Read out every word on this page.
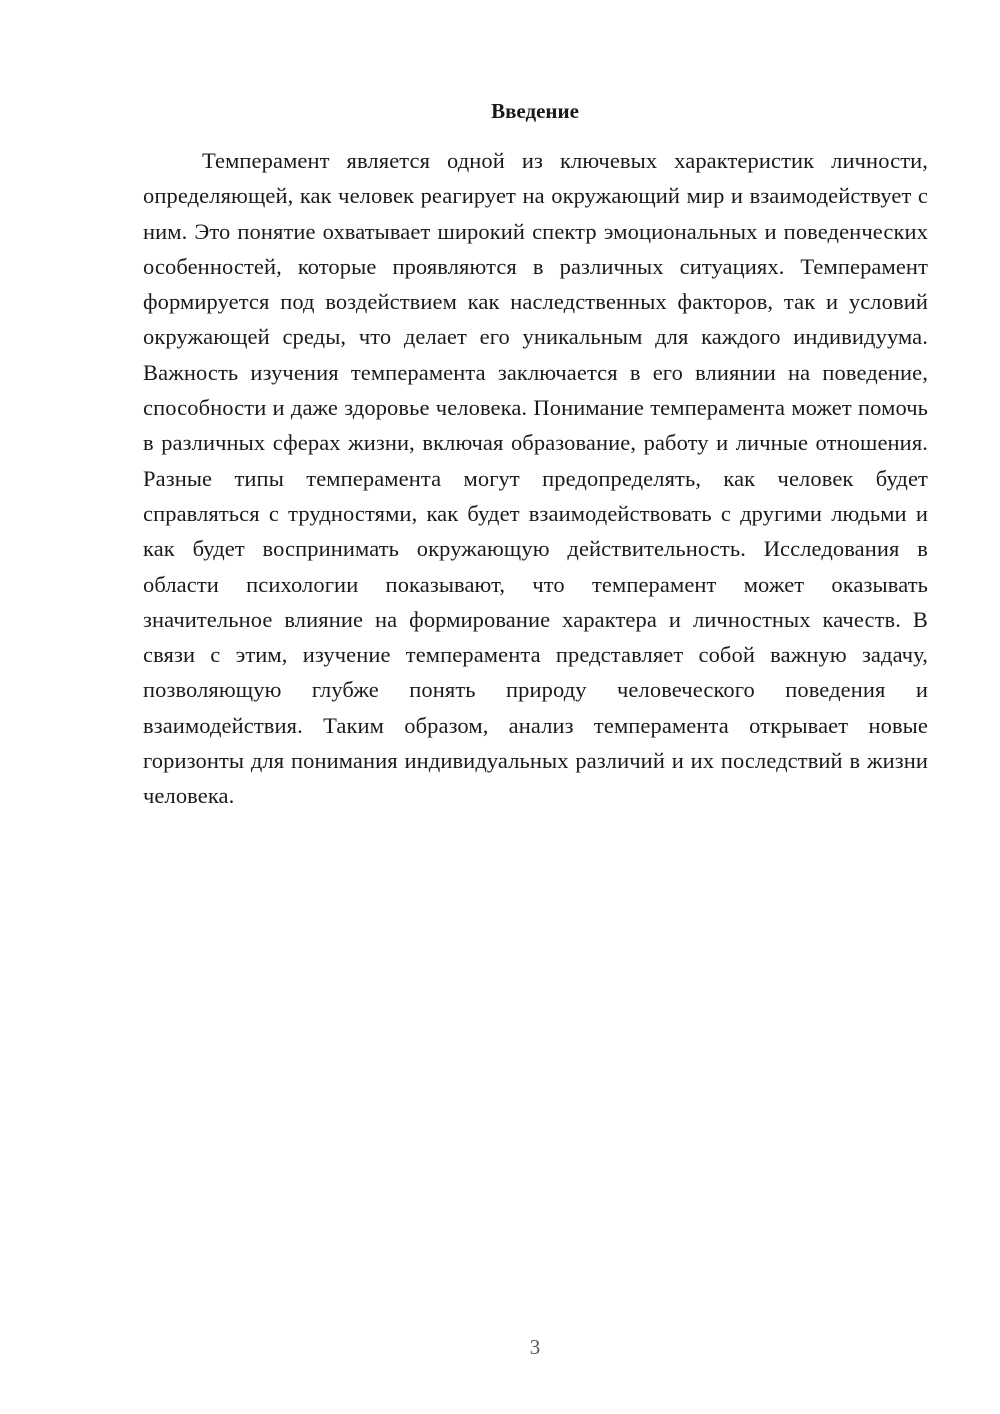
Введение

Темперамент является одной из ключевых характеристик личности, определяющей, как человек реагирует на окружающий мир и взаимодействует с ним. Это понятие охватывает широкий спектр эмоциональных и поведенческих особенностей, которые проявляются в различных ситуациях. Темперамент формируется под воздействием как наследственных факторов, так и условий окружающей среды, что делает его уникальным для каждого индивидуума. Важность изучения темперамента заключается в его влиянии на поведение, способности и даже здоровье человека. Понимание темперамента может помочь в различных сферах жизни, включая образование, работу и личные отношения. Разные типы темперамента могут предопределять, как человек будет справляться с трудностями, как будет взаимодействовать с другими людьми и как будет воспринимать окружающую действительность. Исследования в области психологии показывают, что темперамент может оказывать значительное влияние на формирование характера и личностных качеств. В связи с этим, изучение темперамента представляет собой важную задачу, позволяющую глубже понять природу человеческого поведения и взаимодействия. Таким образом, анализ темперамента открывает новые горизонты для понимания индивидуальных различий и их последствий в жизни человека.

3
